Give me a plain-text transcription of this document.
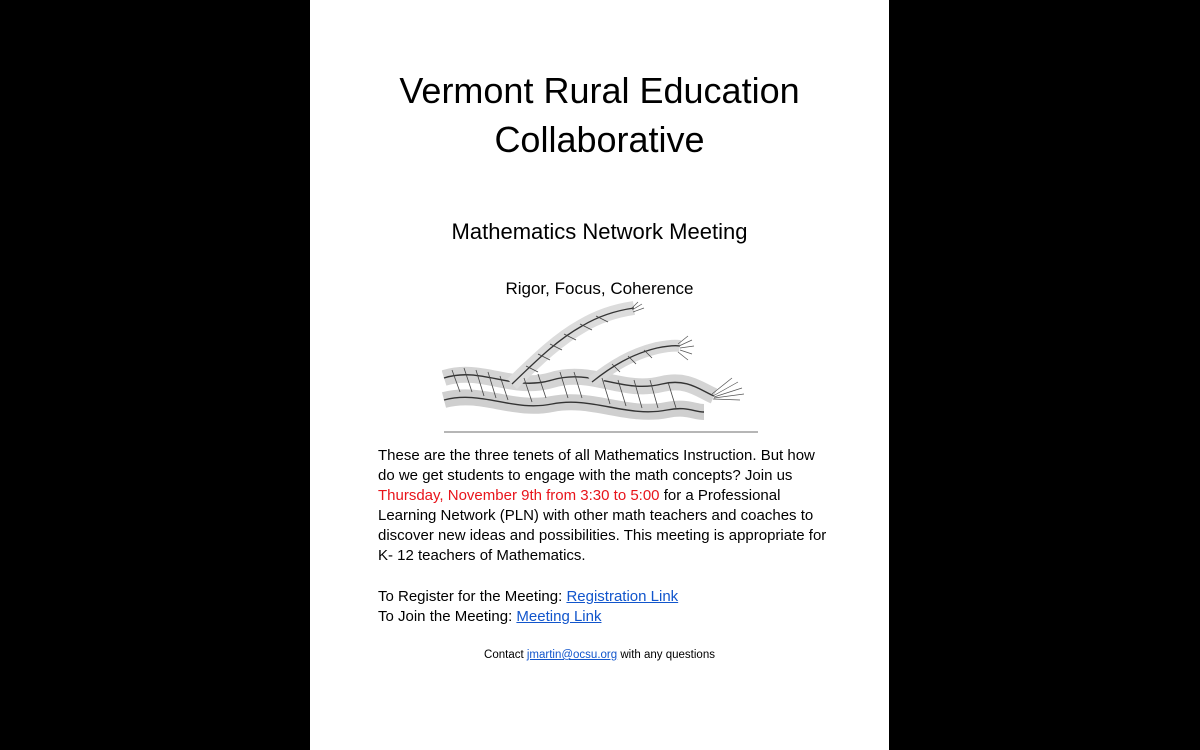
Vermont Rural Education
Collaborative
Mathematics Network Meeting
Rigor, Focus, Coherence

These are the three tenets of all Mathematics Instruction. But how do we get students to engage with the math concepts? Join us Thursday, November 9th from 3:30 to 5:00 for a Professional Learning Network (PLN) with other math teachers and coaches to discover new ideas and possibilities. This meeting is appropriate for K- 12 teachers of Mathematics.

To Register for the Meeting: Registration Link
To Join the Meeting: Meeting Link
Contact jmartin@ocsu.org with any questions
